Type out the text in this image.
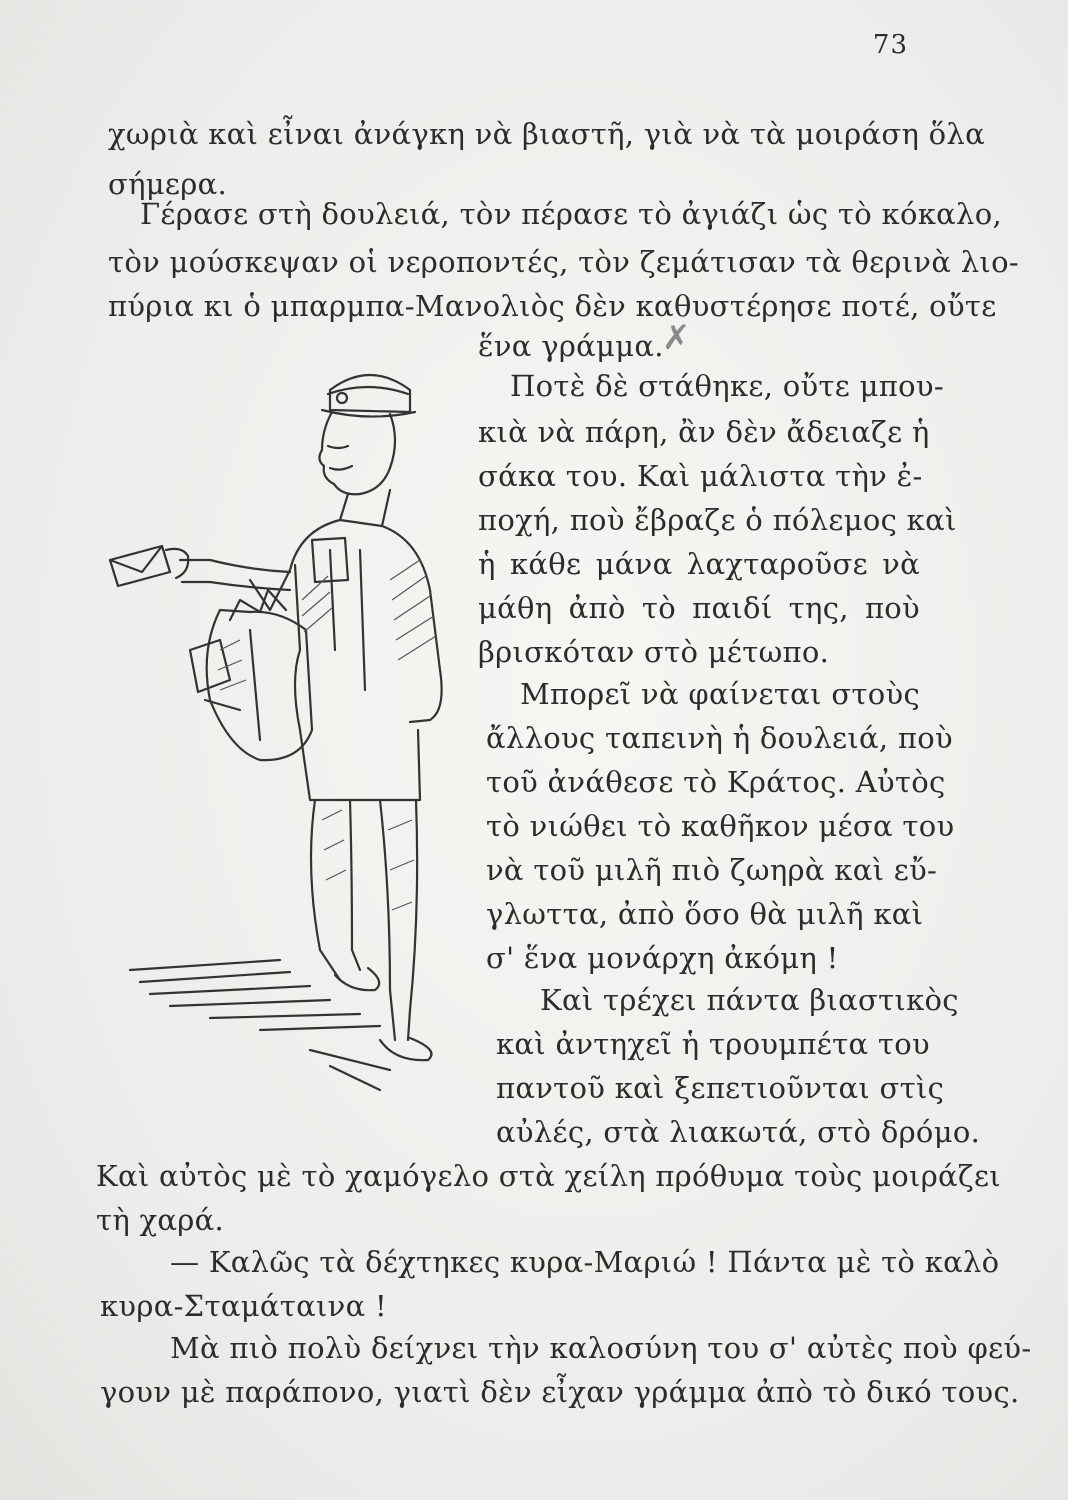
73
χωριὰ καὶ εἶναι ἀνάγκη νὰ βιαστῆ, γιὰ νὰ τὰ μοιράση ὅλα
σήμερα.
Γέρασε στὴ δουλειά, τὸν πέρασε τὸ ἀγιάζι ὡς τὸ κόκαλο,
τὸν μούσκεψαν οἱ νεροποντές, τὸν ζεμάτισαν τὰ θερινὰ λιο-
πύρια κι ὁ μπαρμπα-Μανολιὸς δὲν καθυστέρησε ποτέ, οὔτε
ἕνα γράμμα.
Ποτὲ δὲ στάθηκε, οὔτε μπου-
κιὰ νὰ πάρη, ἂν δὲν ἄδειαζε ἡ
σάκα του. Καὶ μάλιστα τὴν ἐ-
ποχή, ποὺ ἔβραζε ὁ πόλεμος καὶ
ἡ κάθε μάνα λαχταροῦσε νὰ
μάθη ἀπὸ τὸ παιδί της, ποὺ
βρισκόταν στὸ μέτωπο.
Μπορεῖ νὰ φαίνεται στοὺς
ἄλλους ταπεινὴ ἡ δουλειά, ποὺ
τοῦ ἀνάθεσε τὸ Κράτος. Αὐτὸς
τὸ νιώθει τὸ καθῆκον μέσα του
νὰ τοῦ μιλῆ πιὸ ζωηρὰ καὶ εὔ-
γλωττα, ἀπὸ ὅσο θὰ μιλῆ καὶ
σ' ἕνα μονάρχη ἀκόμη !
Καὶ τρέχει πάντα βιαστικὸς
καὶ ἀντηχεῖ ἡ τρουμπέτα του
παντοῦ καὶ ξεπετιοῦνται στὶς
αὐλές, στὰ λιακωτά, στὸ δρόμο.
Καὶ αὐτὸς μὲ τὸ χαμόγελο στὰ χείλη πρόθυμα τοὺς μοιράζει
τὴ χαρά.
— Καλῶς τὰ δέχτηκες κυρα-Μαριώ ! Πάντα μὲ τὸ καλὸ
κυρα-Σταμάταινα !
Μὰ πιὸ πολὺ δείχνει τὴν καλοσύνη του σ' αὐτὲς ποὺ φεύ-
γουν μὲ παράπονο, γιατὶ δὲν εἶχαν γράμμα ἀπὸ τὸ δικό τους.
✗
